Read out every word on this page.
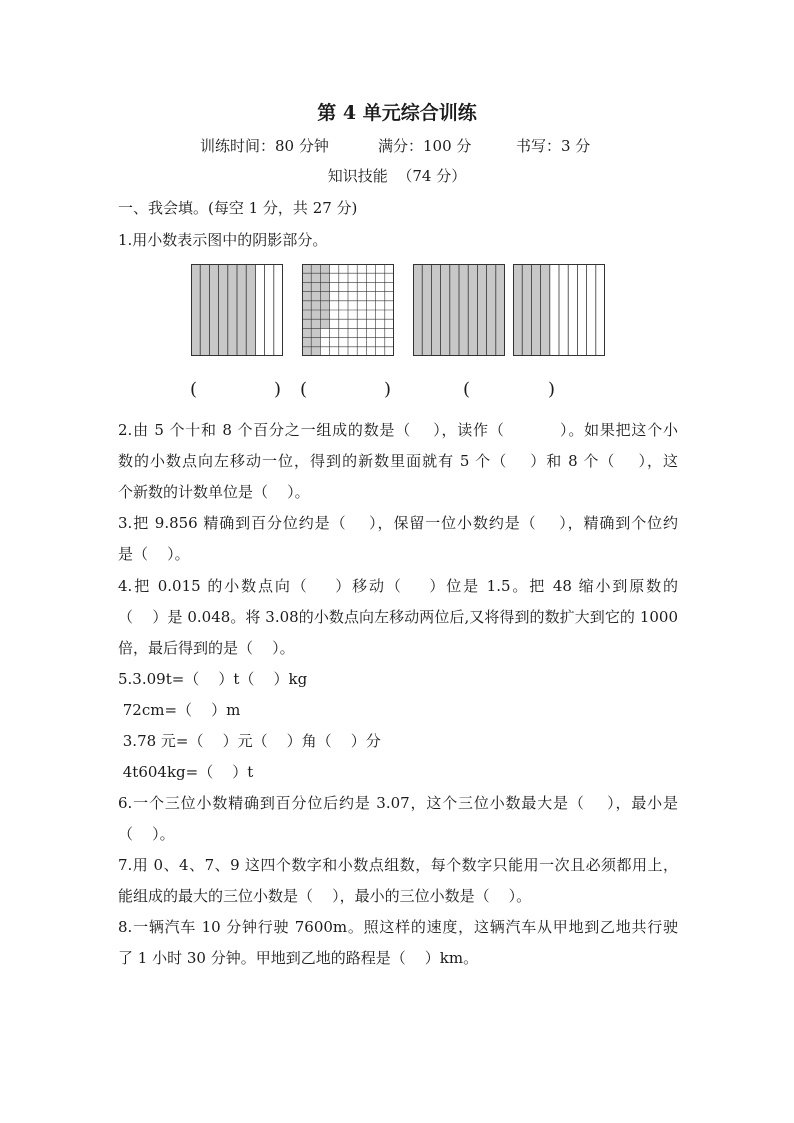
第 4 单元综合训练
训练时间：80 分钟	满分：100 分	书写：3 分
知识技能  （74 分）
一、我会填。(每空 1 分，共 27 分)
1.用小数表示图中的阴影部分。
(	) (	)	(	)
2.由 5 个十和 8 个百分之一组成的数是（    ），读作（          ）。如果把这个小
数的小数点向左移动一位，得到的新数里面就有 5 个（    ）和 8 个（    ），这
个新数的计数单位是（    ）。
3.把 9.856 精确到百分位约是（    ），保留一位小数约是（    ），精确到个位约
是（    ）。
4.把 0.015 的小数点向（    ）移动（    ）位是 1.5。把 48 缩小到原数的
（    ）是 0.048。将 3.08的小数点向左移动两位后,又将得到的数扩大到它的 1000
倍，最后得到的是（    ）。
5.3.09t=（    ）t（    ）kg
72cm=（    ）m
3.78 元=（    ）元（    ）角（    ）分
4t604kg=（    ）t
6.一个三位小数精确到百分位后约是 3.07，这个三位小数最大是（    ），最小是
（    ）。
7.用 0、4、7、9 这四个数字和小数点组数，每个数字只能用一次且必须都用上，
能组成的最大的三位小数是（    ），最小的三位小数是（    ）。
8.一辆汽车 10 分钟行驶 7600m。照这样的速度，这辆汽车从甲地到乙地共行驶
了 1 小时 30 分钟。甲地到乙地的路程是（    ）km。
